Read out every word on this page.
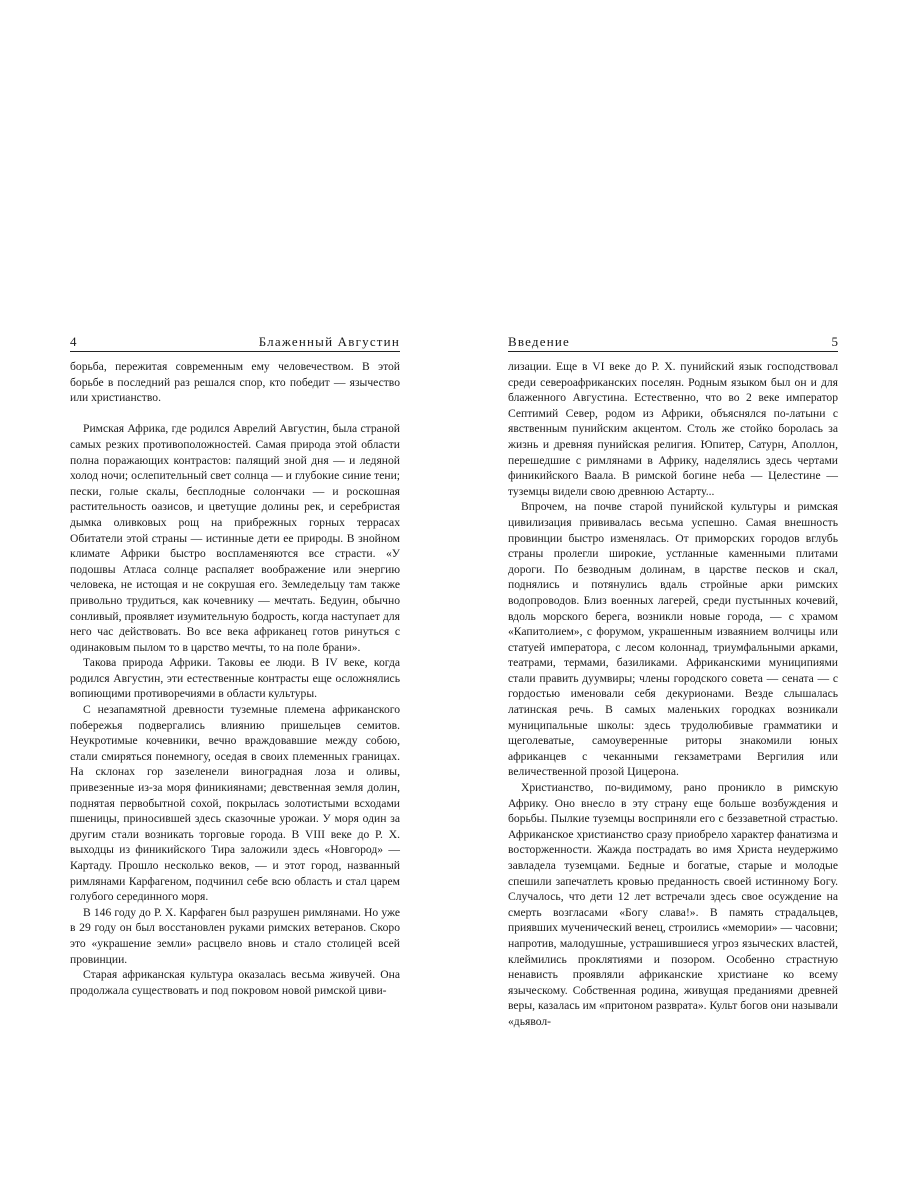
4	Блаженный Августин

борьба, пережитая современным ему человечеством. В этой борьбе в последний раз решался спор, кто победит — язычество или христианство.

Римская Африка, где родился Аврелий Августин, была страной самых резких противоположностей. Самая природа этой области полна поражающих контрастов: палящий зной дня — и ледяной холод ночи; ослепительный свет солнца — и глубокие синие тени; пески, голые скалы, бесплодные солончаки — и роскошная растительность оазисов, и цветущие долины рек, и серебристая дымка оливковых рощ на прибрежных горных террасах Обитатели этой страны — истинные дети ее природы. В знойном климате Африки быстро воспламеняются все страсти. «У подошвы Атласа солнце распаляет воображение или энергию человека, не истощая и не сокрушая его. Земледельцу там также привольно трудиться, как кочевнику — мечтать. Бедуин, обычно сонливый, проявляет изумительную бодрость, когда наступает для него час действовать. Во все века африканец готов ринуться с одинаковым пылом то в царство мечты, то на поле брани».

Такова природа Африки. Таковы ее люди. В IV веке, когда родился Августин, эти естественные контрасты еще осложнялись вопиющими противоречиями в области культуры.

С незапамятной древности туземные племена африканского побережья подвергались влиянию пришельцев семитов. Неукротимые кочевники, вечно враждовавшие между собою, стали смиряться понемногу, оседая в своих племенных границах. На склонах гор зазеленели виноградная лоза и оливы, привезенные из-за моря финикиянами; девственная земля долин, поднятая первобытной сохой, покрылась золотистыми всходами пшеницы, приносившей здесь сказочные урожаи. У моря один за другим стали возникать торговые города. В VIII веке до Р. Х. выходцы из финикийского Тира заложили здесь «Новгород» — Картаду. Прошло несколько веков, — и этот город, названный римлянами Карфагеном, подчинил себе всю область и стал царем голубого серединного моря.

В 146 году до Р. Х. Карфаген был разрушен римлянами. Но уже в 29 году он был восстановлен руками римских ветеранов. Скоро это «украшение земли» расцвело вновь и стало столицей всей провинции.

Старая африканская культура оказалась весьма живучей. Она продолжала существовать и под покровом новой римской циви-

Введение	5

лизации. Еще в VI веке до Р. Х. пунийский язык господствовал среди североафриканских поселян. Родным языком был он и для блаженного Августина. Естественно, что во 2 веке император Септимий Север, родом из Африки, объяснялся по-латыни с явственным пунийским акцентом. Столь же стойко боролась за жизнь и древняя пунийская религия. Юпитер, Сатурн, Аполлон, перешедшие с римлянами в Африку, наделялись здесь чертами финикийского Ваала. В римской богине неба — Целестине — туземцы видели свою древнюю Астарту...

Впрочем, на почве старой пунийской культуры и римская цивилизация прививалась весьма успешно. Самая внешность провинции быстро изменялась. От приморских городов вглубь страны пролегли широкие, устланные каменными плитами дороги. По безводным долинам, в царстве песков и скал, поднялись и потянулись вдаль стройные арки римских водопроводов. Близ военных лагерей, среди пустынных кочевий, вдоль морского берега, возникли новые города, — с храмом «Капитолием», с форумом, украшенным изваянием волчицы или статуей императора, с лесом колоннад, триумфальными арками, театрами, термами, базиликами. Африканскими муниципиями стали править дуумвиры; члены городского совета — сената — с гордостью именовали себя декурионами. Везде слышалась латинская речь. В самых маленьких городках возникали муниципальные школы: здесь трудолюбивые грамматики и щеголеватые, самоуверенные риторы знакомили юных африканцев с чеканными гекзаметрами Вергилия или величественной прозой Цицерона.

Христианство, по-видимому, рано проникло в римскую Африку. Оно внесло в эту страну еще больше возбуждения и борьбы. Пылкие туземцы восприняли его с беззаветной страстью. Африканское христианство сразу приобрело характер фанатизма и восторженности. Жажда пострадать во имя Христа неудержимо завладела туземцами. Бедные и богатые, старые и молодые спешили запечатлеть кровью преданность своей истинному Богу. Случалось, что дети 12 лет встречали здесь свое осуждение на смерть возгласами «Богу слава!». В память страдальцев, приявших мученический венец, строились «мемории» — часовни; напротив, малодушные, устрашившиеся угроз языческих властей, клеймились проклятиями и позором. Особенно страстную ненависть проявляли африканские христиане ко всему языческому. Собственная родина, живущая преданиями древней веры, казалась им «притоном разврата». Культ богов они называли «дьявол-
